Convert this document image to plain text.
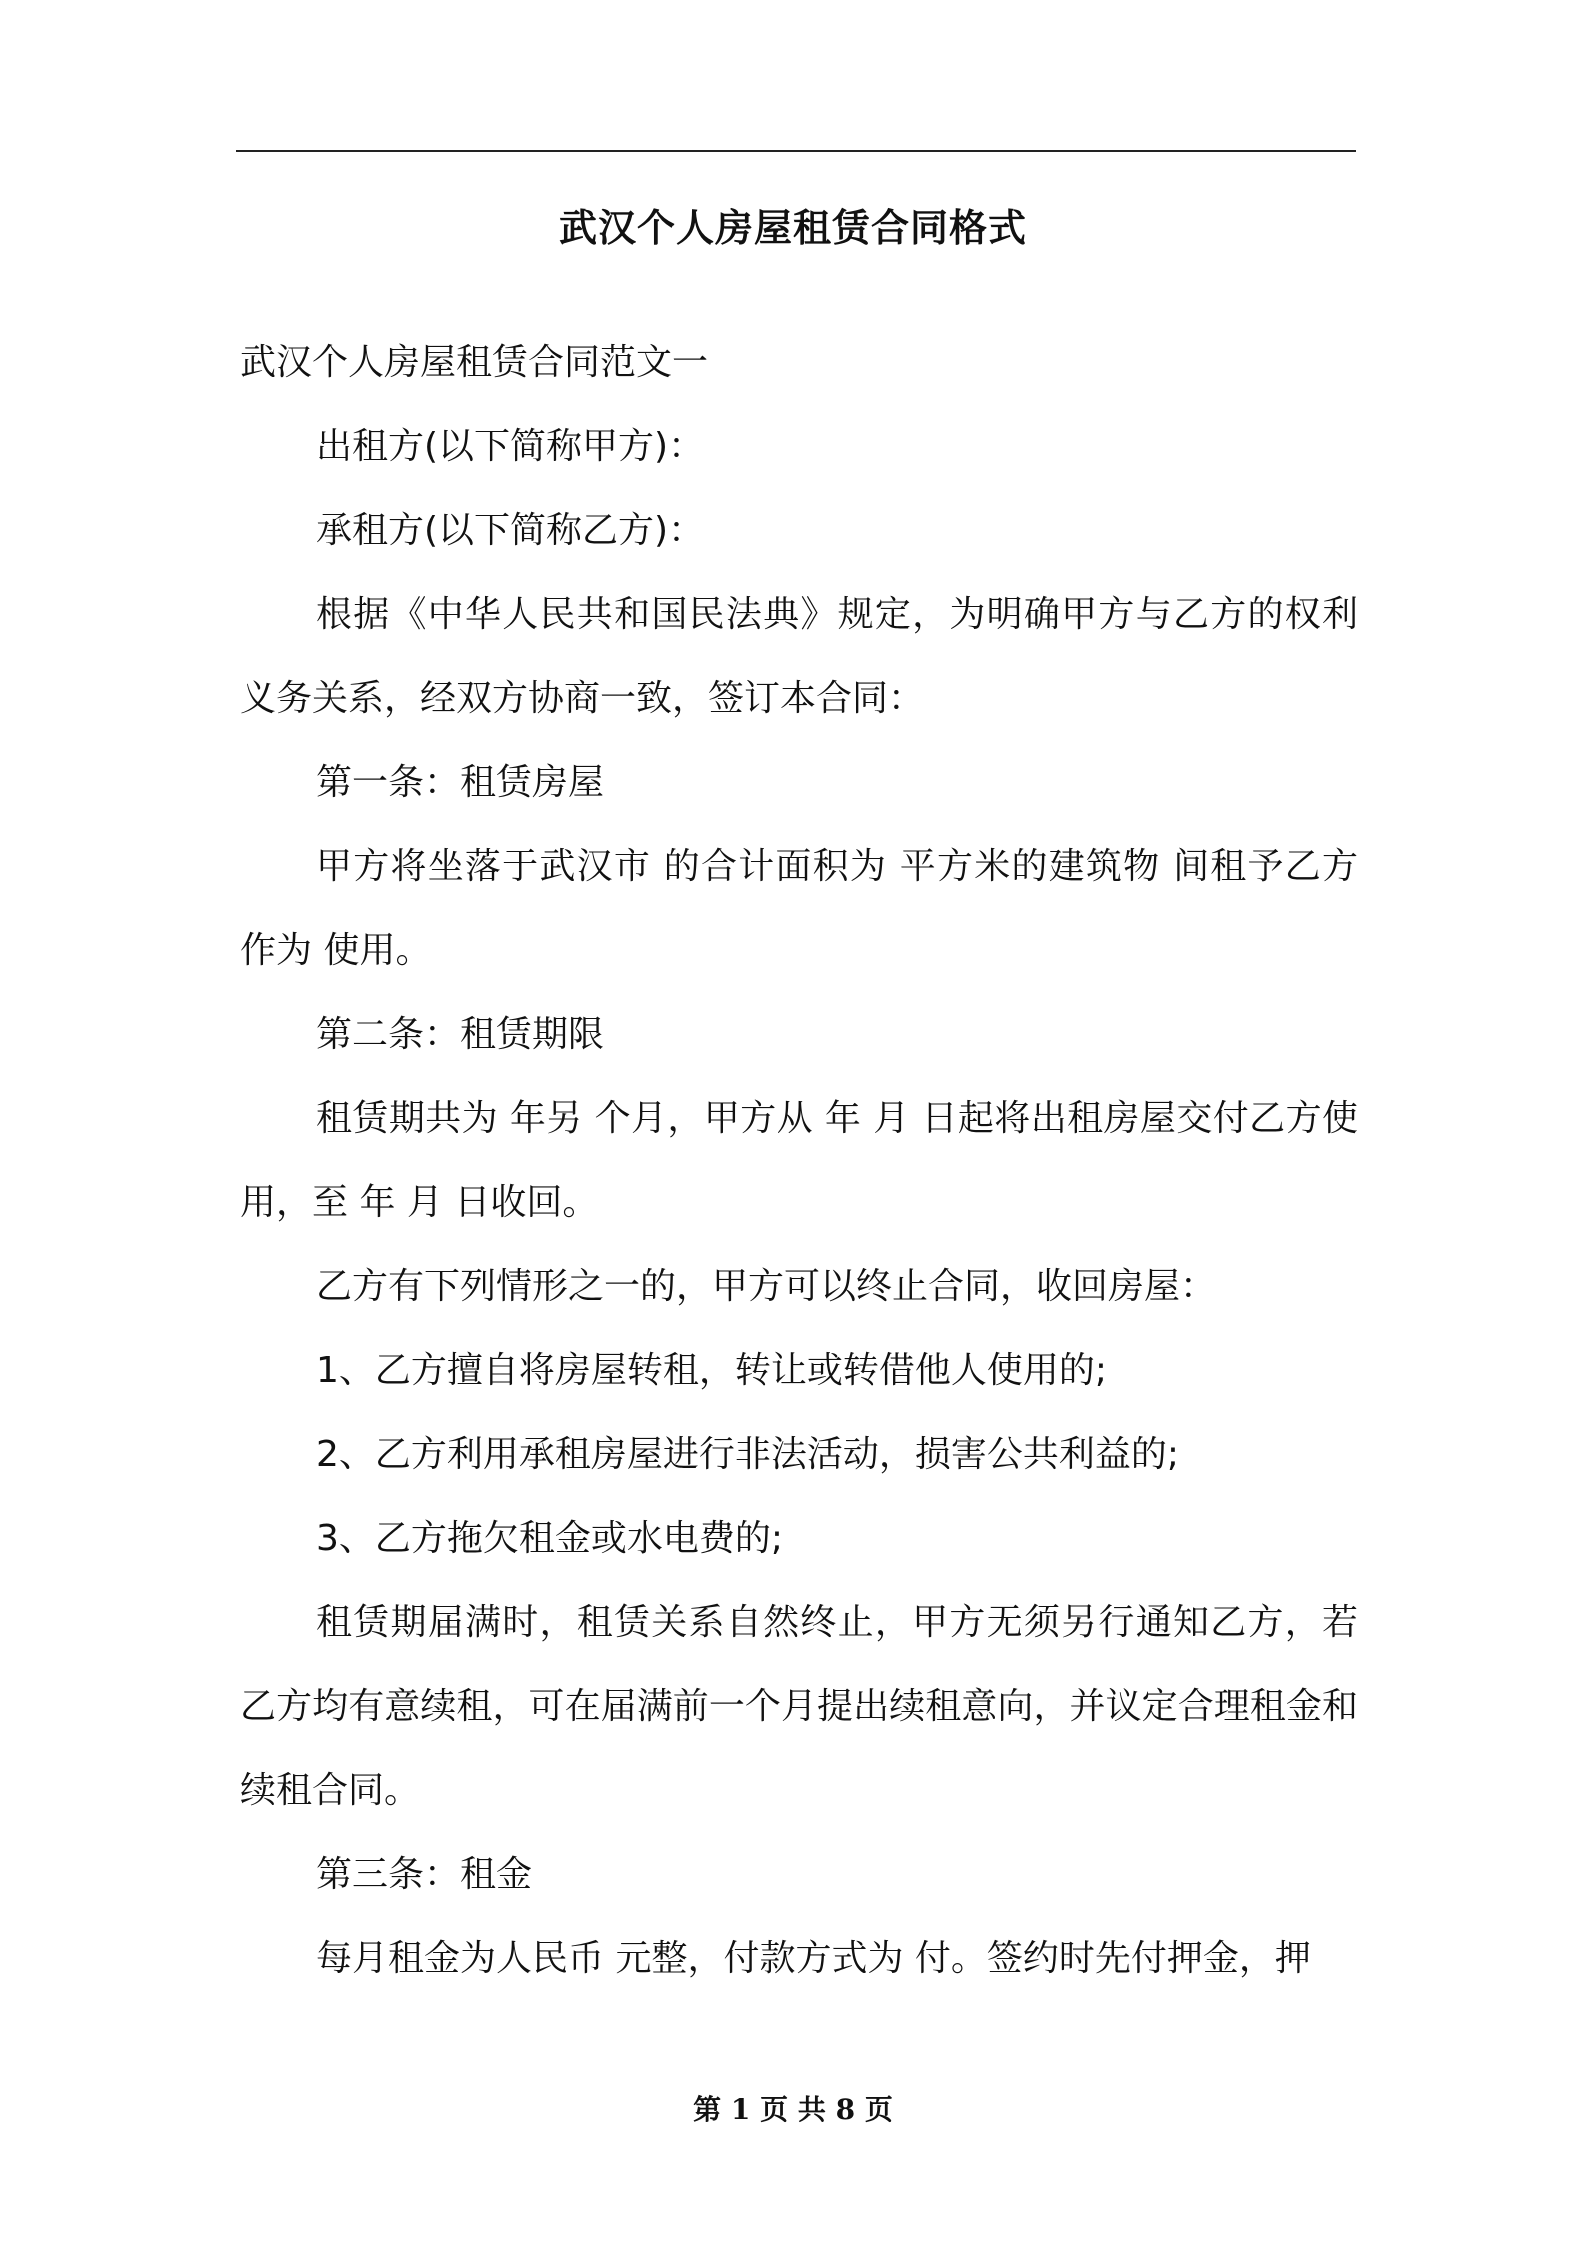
武汉个人房屋租赁合同格式

武汉个人房屋租赁合同范文一

出租方(以下简称甲方)：

承租方(以下简称乙方)：

根据《中华人民共和国民法典》规定，为明确甲方与乙方的权利义务关系，经双方协商一致，签订本合同：

第一条：租赁房屋

甲方将坐落于武汉市 的合计面积为 平方米的建筑物 间租予乙方作为 使用。

第二条：租赁期限

租赁期共为 年另 个月，甲方从 年 月 日起将出租房屋交付乙方使用，至 年 月 日收回。

乙方有下列情形之一的，甲方可以终止合同，收回房屋：

1、乙方擅自将房屋转租，转让或转借他人使用的;

2、乙方利用承租房屋进行非法活动，损害公共利益的;

3、乙方拖欠租金或水电费的;

租赁期届满时，租赁关系自然终止，甲方无须另行通知乙方，若乙方均有意续租，可在届满前一个月提出续租意向，并议定合理租金和续租合同。

第三条：租金

每月租金为人民币 元整，付款方式为 付。签约时先付押金，押

第 1 页 共 8 页
